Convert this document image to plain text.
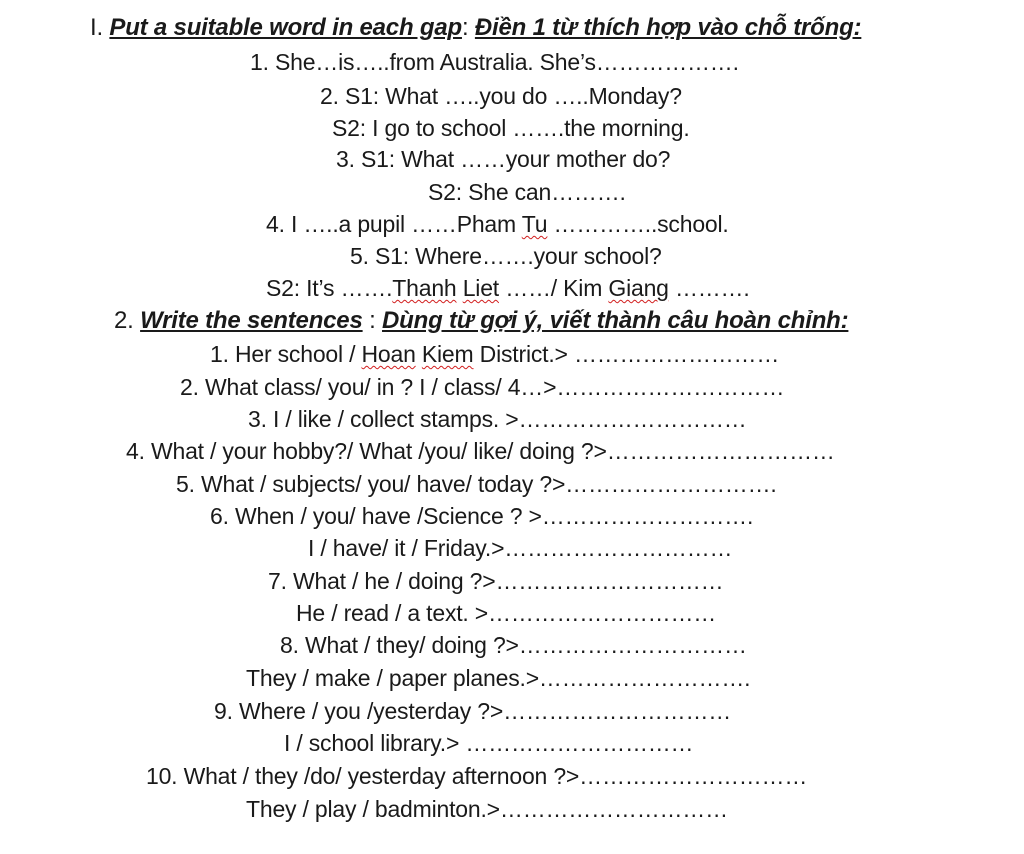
I. Put a suitable word in each gap: Điền 1 từ thích hợp vào chỗ trống:
1. She…is…..from Australia. She’s……………….
2. S1: What …..you do …..Monday?
S2: I go to school …….the morning.
3. S1: What ……your mother do?
S2: She can……….
4. I …..a pupil ……Pham Tu …………..school.
5. S1: Where…….your school?
S2: It’s …….Thanh Liet ……/ Kim Giang ……….
2. Write the sentences : Dùng từ gợi ý, viết thành câu hoàn chỉnh:
1. Her school / Hoan Kiem District.> ………………………
2. What class/ you/ in ? I / class/ 4…>…………………………
3. I / like / collect stamps. >…………………………
4. What / your hobby?/ What /you/ like/ doing ?>…………………………
5. What / subjects/ you/ have/ today ?>……………………….
6. When / you/ have /Science ? >……………………….
I / have/ it / Friday.>…………………………
7. What / he / doing ?>…………………………
He / read / a text. >…………………………
8. What / they/ doing ?>…………………………
They / make / paper planes.>……………………….
9. Where / you /yesterday ?>…………………………
I / school library.> …………………………
10. What / they /do/ yesterday afternoon ?>…………………………
They / play / badminton.>…………………………
